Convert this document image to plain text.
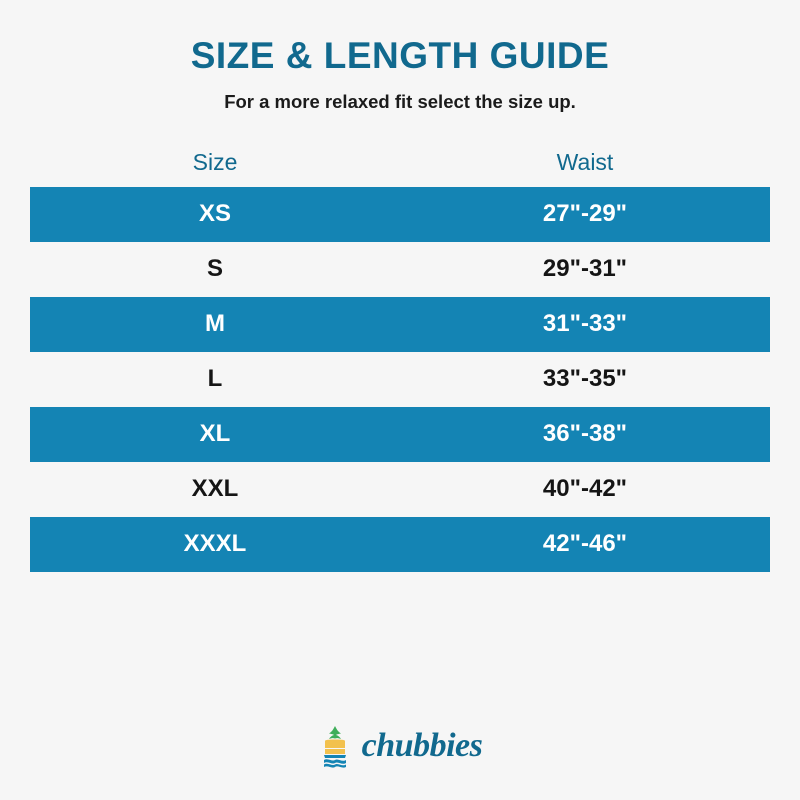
SIZE & LENGTH GUIDE
For a more relaxed fit select the size up.
Size	Waist
XS	27"-29"
S	29"-31"
M	31"-33"
L	33"-35"
XL	36"-38"
XXL	40"-42"
XXXL	42"-46"
chubbies
